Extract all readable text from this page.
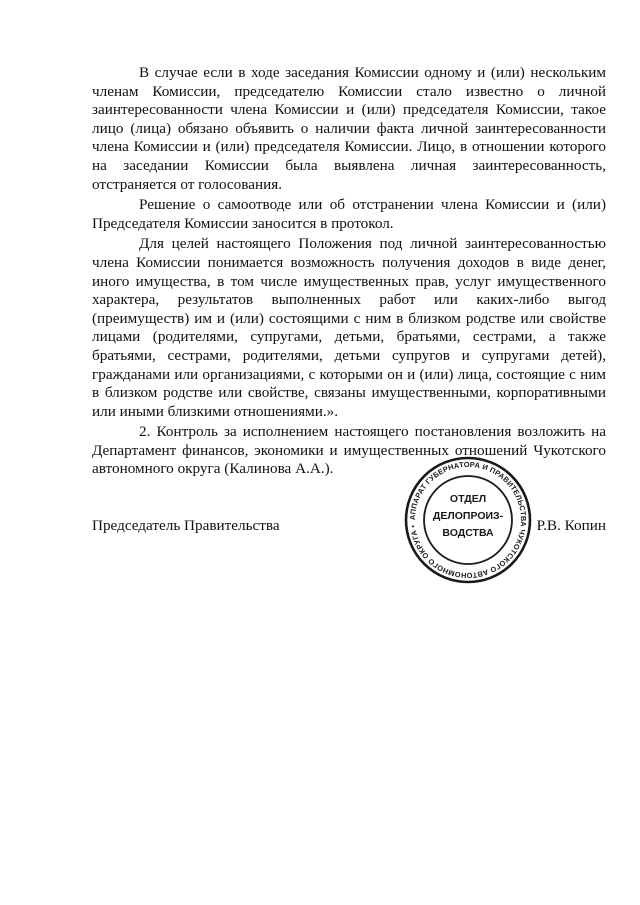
В случае если в ходе заседания Комиссии одному и (или) нескольким членам Комиссии, председателю Комиссии стало известно о личной заинтересованности члена Комиссии и (или) председателя Комиссии, такое лицо (лица) обязано объявить о наличии факта личной заинтересованности члена Комиссии и (или) председателя Комиссии. Лицо, в отношении которого на заседании Комиссии была выявлена личная заинтересованность, отстраняется от голосования.

Решение о самоотводе или об отстранении члена Комиссии и (или) Председателя Комиссии заносится в протокол.

Для целей настоящего Положения под личной заинтересованностью члена Комиссии понимается возможность получения доходов в виде денег, иного имущества, в том числе имущественных прав, услуг имущественного характера, результатов выполненных работ или каких-либо выгод (преимуществ) им и (или) состоящими с ним в близком родстве или свойстве лицами (родителями, супругами, детьми, братьями, сестрами, а также братьями, сестрами, родителями, детьми супругов и супругами детей), гражданами или организациями, с которыми он и (или) лица, состоящие с ним в близком родстве или свойстве, связаны имущественными, корпоративными или иными близкими отношениями.».

2. Контроль за исполнением настоящего постановления возложить на Департамент финансов, экономики и имущественных отношений Чукотского автономного округа (Калинова А.А.).

Председатель Правительства	Р.В. Копин
АППАРАТ ГУБЕРНАТОРА И ПРАВИТЕЛЬСТВА ЧУКОТСКОГО АВТОНОМНОГО ОКРУГА •
ОТДЕЛ
ДЕЛОПРОИЗ-
ВОДСТВА
